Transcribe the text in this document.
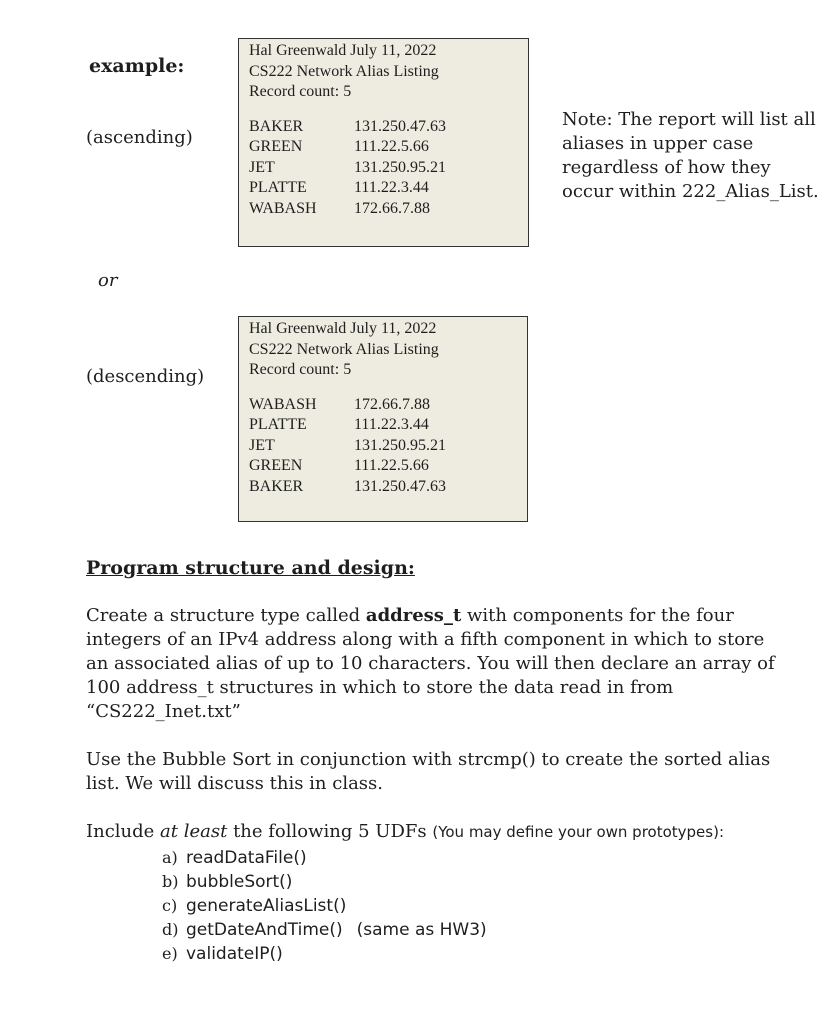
example:
(ascending)
or
(descending)
Hal Greenwald July 11, 2022
CS222 Network Alias Listing
Record count: 5
BAKER	131.250.47.63
GREEN	111.22.5.66
JET	131.250.95.21
PLATTE	111.22.3.44
WABASH	172.66.7.88
Note: The report will list all aliases in upper case regardless of how they occur within 222_Alias_List.
Hal Greenwald July 11, 2022
CS222 Network Alias Listing
Record count: 5
WABASH	172.66.7.88
PLATTE	111.22.3.44
JET	131.250.95.21
GREEN	111.22.5.66
BAKER	131.250.47.63
Program structure and design:
Create a structure type called address_t with components for the four integers of an IPv4 address along with a fifth component in which to store an associated alias of up to 10 characters. You will then declare an array of 100 address_t structures in which to store the data read in from “CS222_Inet.txt”
Use the Bubble Sort in conjunction with strcmp() to create the sorted alias list. We will discuss this in class.
Include at least the following 5 UDFs (You may define your own prototypes):
a) readDataFile()
b) bubbleSort()
c) generateAliasList()
d) getDateAndTime() (same as HW3)
e) validateIP()
